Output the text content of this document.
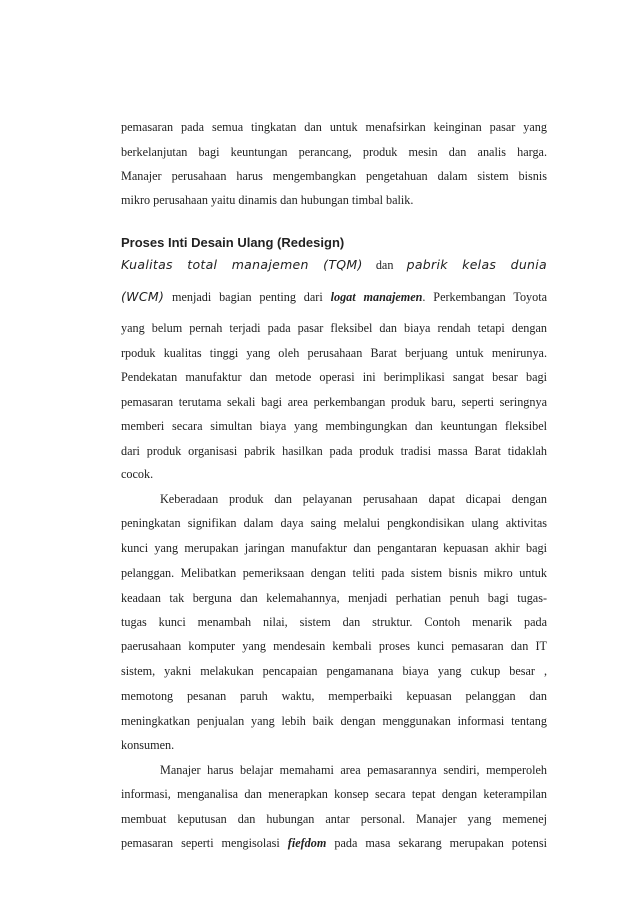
pemasaran pada semua tingkatan dan untuk menafsirkan keinginan pasar yang
berkelanjutan bagi keuntungan perancang, produk mesin dan analis harga.
Manajer perusahaan harus mengembangkan pengetahuan dalam sistem bisnis
mikro perusahaan yaitu dinamis dan hubungan timbal balik.
Proses Inti Desain Ulang (Redesign)
Kualitas total manajemen (TQM) dan pabrik kelas dunia
(WCM) menjadi bagian penting dari logat manajemen. Perkembangan Toyota
yang belum pernah terjadi pada pasar fleksibel dan biaya rendah tetapi dengan
rpoduk kualitas tinggi yang oleh perusahaan Barat berjuang untuk menirunya.
Pendekatan manufaktur dan metode operasi ini berimplikasi sangat besar bagi
pemasaran terutama sekali bagi area perkembangan produk baru, seperti seringnya
memberi secara simultan biaya yang membingungkan dan keuntungan fleksibel
dari produk organisasi pabrik hasilkan pada produk tradisi massa Barat tidaklah
cocok.
Keberadaan produk dan pelayanan perusahaan dapat dicapai dengan
peningkatan signifikan dalam daya saing melalui pengkondisikan ulang aktivitas
kunci yang merupakan jaringan manufaktur dan pengantaran kepuasan akhir bagi
pelanggan. Melibatkan pemeriksaan dengan teliti pada sistem bisnis mikro untuk
keadaan tak berguna dan kelemahannya, menjadi perhatian penuh bagi tugas-
tugas kunci menambah nilai, sistem dan struktur. Contoh menarik pada
paerusahaan komputer yang mendesain kembali proses kunci pemasaran dan IT
sistem, yakni melakukan pencapaian pengamanana biaya yang cukup besar ,
memotong pesanan paruh waktu, memperbaiki kepuasan pelanggan dan
meningkatkan penjualan yang lebih baik dengan menggunakan informasi tentang
konsumen.
Manajer harus belajar memahami area pemasarannya sendiri, memperoleh
informasi, menganalisa dan menerapkan konsep secara tepat dengan keterampilan
membuat keputusan dan hubungan antar personal. Manajer yang memenej
pemasaran seperti mengisolasi fiefdom pada masa sekarang merupakan potensi
